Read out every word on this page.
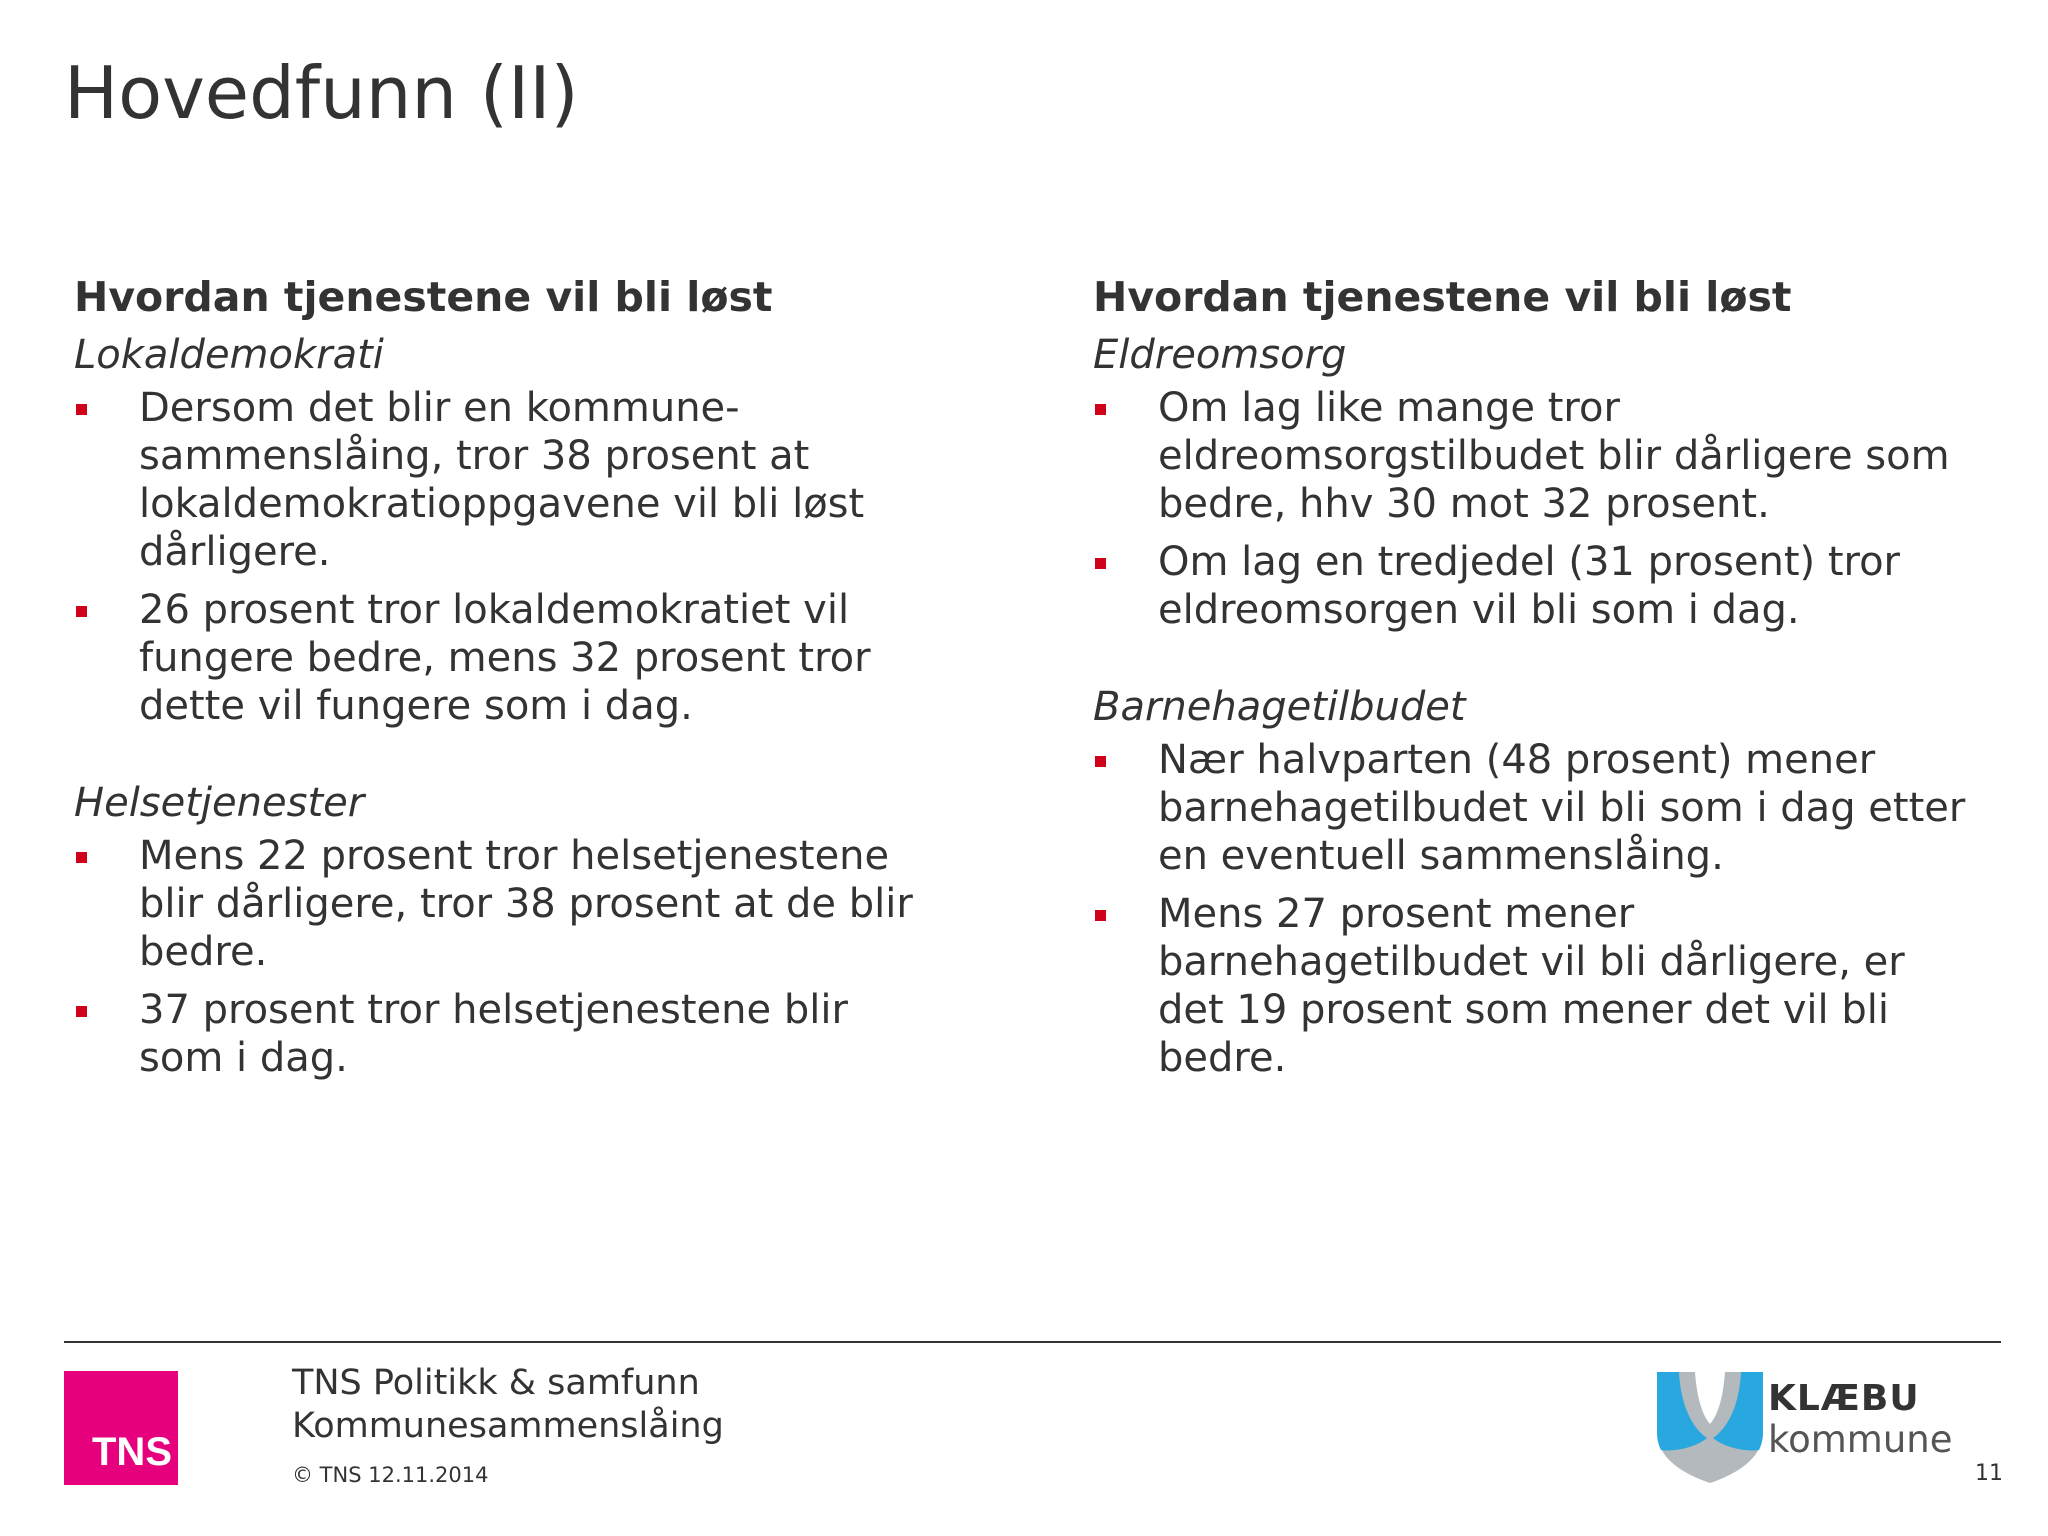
Hovedfunn (II)

Hvordan tjenestene vil bli løst

Lokaldemokrati

Dersom det blir en kommune-
sammenslåing, tror 38 prosent at
lokaldemokratioppgavene vil bli løst
dårligere.
26 prosent tror lokaldemokratiet vil
fungere bedre, mens 32 prosent tror
dette vil fungere som i dag.

Helsetjenester

Mens 22 prosent tror helsetjenestene
blir dårligere, tror 38 prosent at de blir
bedre.
37 prosent tror helsetjenestene blir
som i dag.

Hvordan tjenestene vil bli løst

Eldreomsorg

Om lag like mange tror
eldreomsorgstilbudet blir dårligere som
bedre, hhv 30 mot 32 prosent.
Om lag en tredjedel (31 prosent) tror
eldreomsorgen vil bli som i dag.

Barnehagetilbudet

Nær halvparten (48 prosent) mener
barnehagetilbudet vil bli som i dag etter
en eventuell sammenslåing.
Mens 27 prosent mener
barnehagetilbudet vil bli dårligere, er
det 19 prosent som mener det vil bli
bedre.
TNS
TNS Politikk & samfunn
Kommunesammenslåing
© TNS 12.11.2014
KLÆBU
kommune
11
